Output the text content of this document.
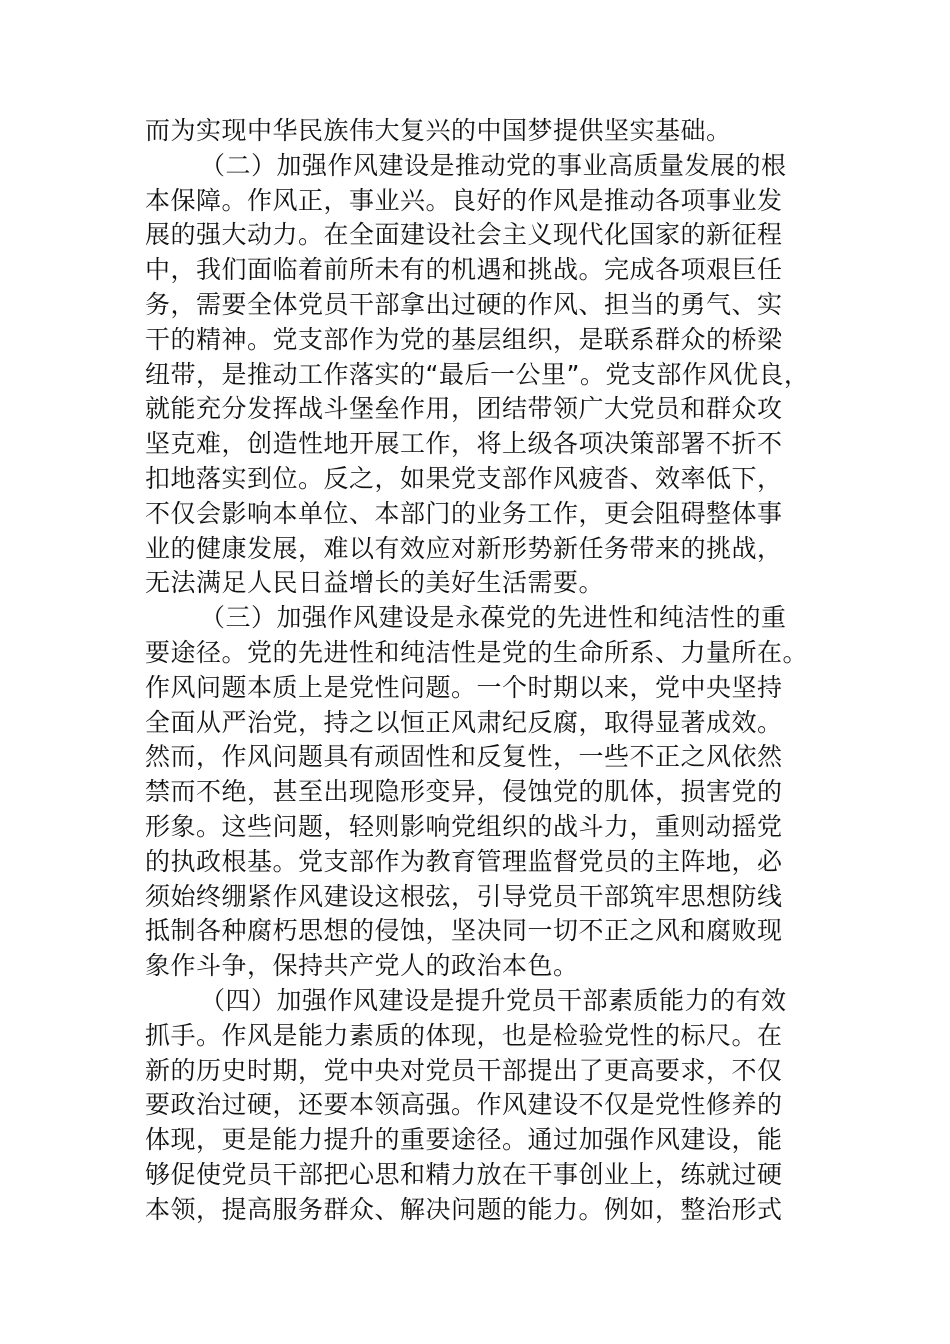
而为实现中华民族伟大复兴的中国梦提供坚实基础。
（二）加强作风建设是推动党的事业高质量发展的根
本保障。作风正，事业兴。良好的作风是推动各项事业发
展的强大动力。在全面建设社会主义现代化国家的新征程
中，我们面临着前所未有的机遇和挑战。完成各项艰巨任
务，需要全体党员干部拿出过硬的作风、担当的勇气、实
干的精神。党支部作为党的基层组织，是联系群众的桥梁
纽带，是推动工作落实的“最后一公里”。党支部作风优良，
就能充分发挥战斗堡垒作用，团结带领广大党员和群众攻
坚克难，创造性地开展工作，将上级各项决策部署不折不
扣地落实到位。反之，如果党支部作风疲沓、效率低下，
不仅会影响本单位、本部门的业务工作，更会阻碍整体事
业的健康发展，难以有效应对新形势新任务带来的挑战，
无法满足人民日益增长的美好生活需要。
（三）加强作风建设是永葆党的先进性和纯洁性的重
要途径。党的先进性和纯洁性是党的生命所系、力量所在。
作风问题本质上是党性问题。一个时期以来，党中央坚持
全面从严治党，持之以恒正风肃纪反腐，取得显著成效。
然而，作风问题具有顽固性和反复性，一些不正之风依然
禁而不绝，甚至出现隐形变异，侵蚀党的肌体，损害党的
形象。这些问题，轻则影响党组织的战斗力，重则动摇党
的执政根基。党支部作为教育管理监督党员的主阵地，必
须始终绷紧作风建设这根弦，引导党员干部筑牢思想防线
抵制各种腐朽思想的侵蚀，坚决同一切不正之风和腐败现
象作斗争，保持共产党人的政治本色。
（四）加强作风建设是提升党员干部素质能力的有效
抓手。作风是能力素质的体现，也是检验党性的标尺。在
新的历史时期，党中央对党员干部提出了更高要求，不仅
要政治过硬，还要本领高强。作风建设不仅是党性修养的
体现，更是能力提升的重要途径。通过加强作风建设，能
够促使党员干部把心思和精力放在干事创业上，练就过硬
本领，提高服务群众、解决问题的能力。例如，整治形式
